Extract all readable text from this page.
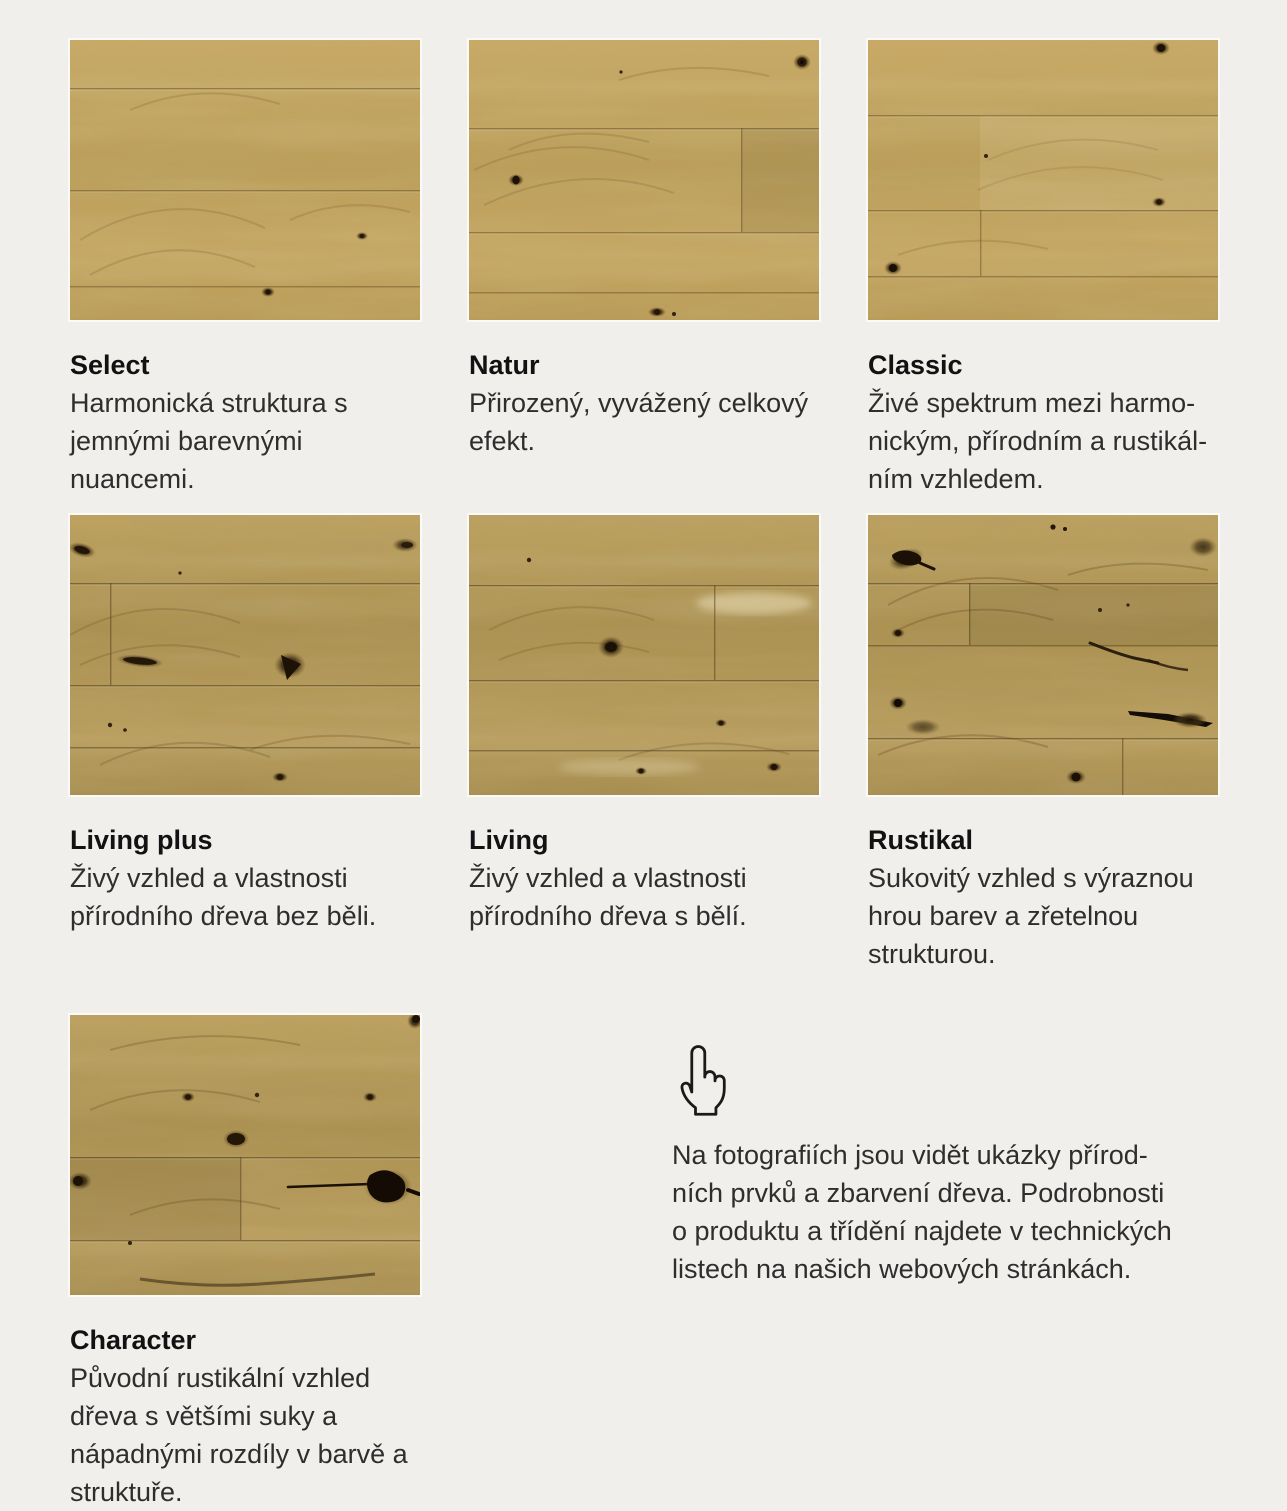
Select
Harmonická struktura s jemnými barevnými nuancemi.
Natur
Přirozený, vyvážený celkový efekt.
Classic
Živé spektrum mezi harmonickým, přírodním a rustikálním vzhledem.
Living plus
Živý vzhled a vlastnosti přírodního dřeva bez běli.
Living
Živý vzhled a vlastnosti přírodního dřeva s bělí.
Rustikal
Sukovitý vzhled s výraznou hrou barev a zřetelnou strukturou.
Character
Původní rustikální vzhled dřeva s většími suky a nápadnými rozdíly v barvě a struktuře.

Na fotografiích jsou vidět ukázky přírodních prvků a zbarvení dřeva. Podrobnosti o produktu a třídění najdete v technických listech na našich webových stránkách.
